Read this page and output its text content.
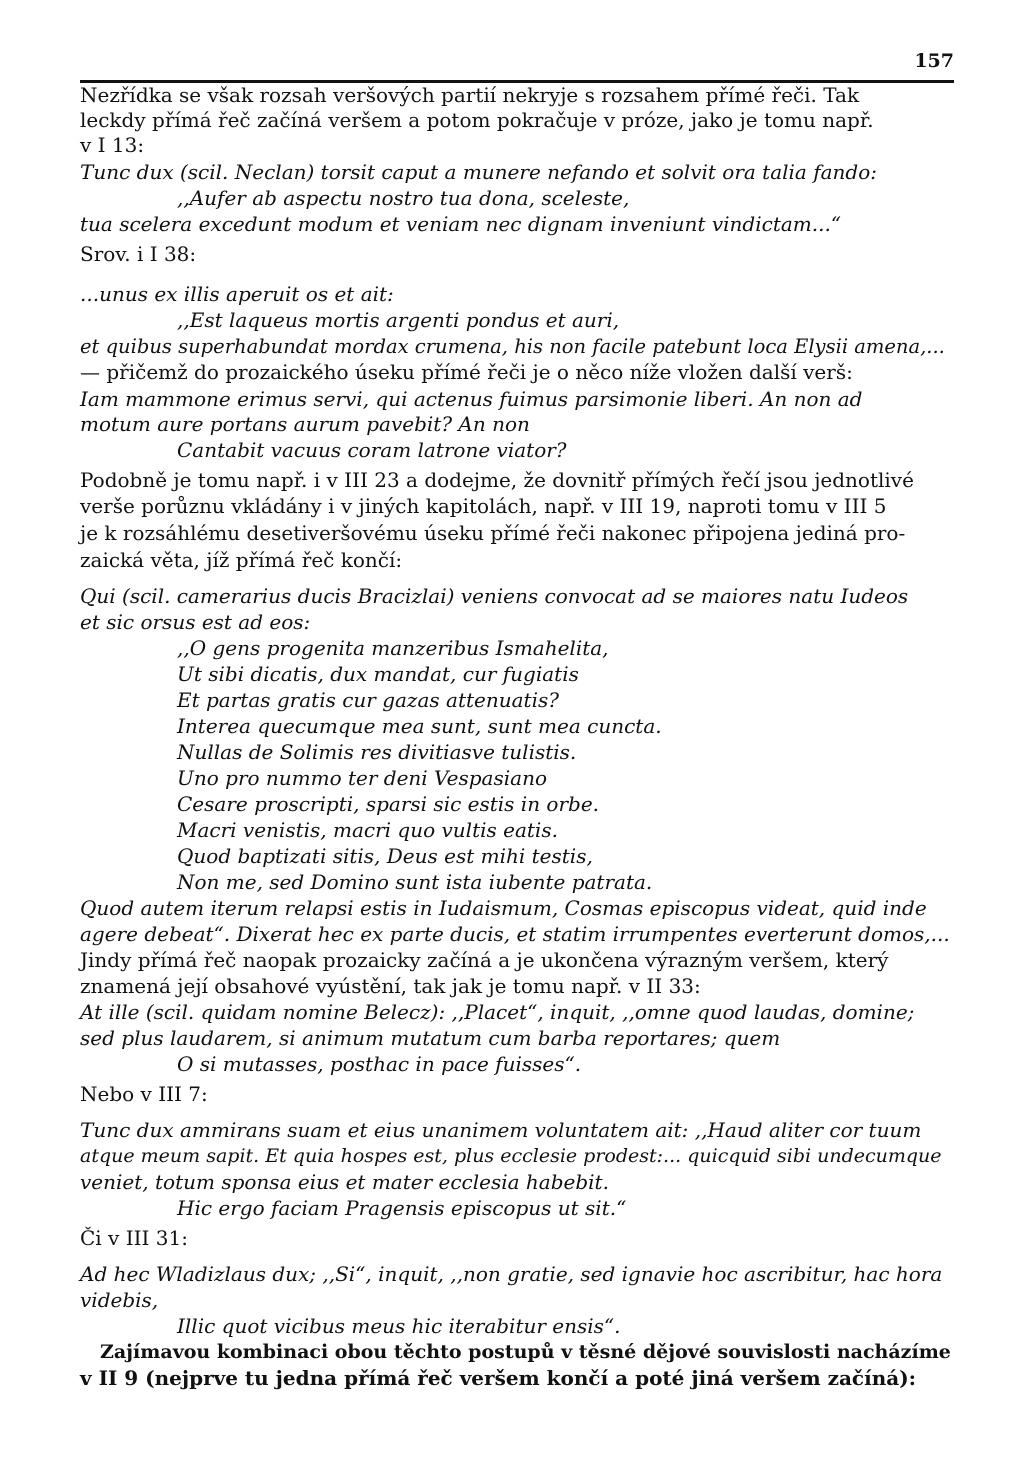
157
Nezřídka se však rozsah veršových partií nekryje s rozsahem přímé řeči. Tak
leckdy přímá řeč začíná veršem a potom pokračuje v próze, jako je tomu např.
v I 13:
Tunc dux (scil. Neclan) torsit caput a munere nefando et solvit ora talia fando:
,,Aufer ab aspectu nostro tua dona, sceleste,
tua scelera excedunt modum et veniam nec dignam inveniunt vindictam...“
Srov. i I 38:
...unus ex illis aperuit os et ait:
,,Est laqueus mortis argenti pondus et auri,
et quibus superhabundat mordax crumena, his non facile patebunt loca Elysii amena,...
— přičemž do prozaického úseku přímé řeči je o něco níže vložen další verš:
Iam mammone erimus servi, qui actenus fuimus parsimonie liberi. An non ad
motum aure portans aurum pavebit? An non
Cantabit vacuus coram latrone viator?
Podobně je tomu např. i v III 23 a dodejme, že dovnitř přímých řečí jsou jednotlivé
verše porůznu vkládány i v jiných kapitolách, např. v III 19, naproti tomu v III 5
je k rozsáhlému desetiveršovému úseku přímé řeči nakonec připojena jediná pro-
zaická věta, jíž přímá řeč končí:
Qui (scil. camerarius ducis Bracizlai) veniens convocat ad se maiores natu Iudeos
et sic orsus est ad eos:
,,O gens progenita manzeribus Ismahelita,
Ut sibi dicatis, dux mandat, cur fugiatis
Et partas gratis cur gazas attenuatis?
Interea quecumque mea sunt, sunt mea cuncta.
Nullas de Solimis res divitiasve tulistis.
Uno pro nummo ter deni Vespasiano
Cesare proscripti, sparsi sic estis in orbe.
Macri venistis, macri quo vultis eatis.
Quod baptizati sitis, Deus est mihi testis,
Non me, sed Domino sunt ista iubente patrata.
Quod autem iterum relapsi estis in Iudaismum, Cosmas episcopus videat, quid inde
agere debeat“. Dixerat hec ex parte ducis, et statim irrumpentes everterunt domos,...
Jindy přímá řeč naopak prozaicky začíná a je ukončena výrazným veršem, který
znamená její obsahové vyústění, tak jak je tomu např. v II 33:
At ille (scil. quidam nomine Belecz): ,,Placet“, inquit, ,,omne quod laudas, domine;
sed plus laudarem, si animum mutatum cum barba reportares; quem
O si mutasses, posthac in pace fuisses“.
Nebo v III 7:
Tunc dux ammirans suam et eius unanimem voluntatem ait: ,,Haud aliter cor tuum
atque meum sapit. Et quia hospes est, plus ecclesie prodest:... quicquid sibi undecumque
veniet, totum sponsa eius et mater ecclesia habebit.
Hic ergo faciam Pragensis episcopus ut sit.“
Či v III 31:
Ad hec Wladizlaus dux; ,,Si“, inquit, ,,non gratie, sed ignavie hoc ascribitur, hac hora
videbis,
Illic quot vicibus meus hic iterabitur ensis“.
Zajímavou kombinaci obou těchto postupů v těsné dějové souvislosti nacházíme
v II 9 (nejprve tu jedna přímá řeč veršem končí a poté jiná veršem začíná):
